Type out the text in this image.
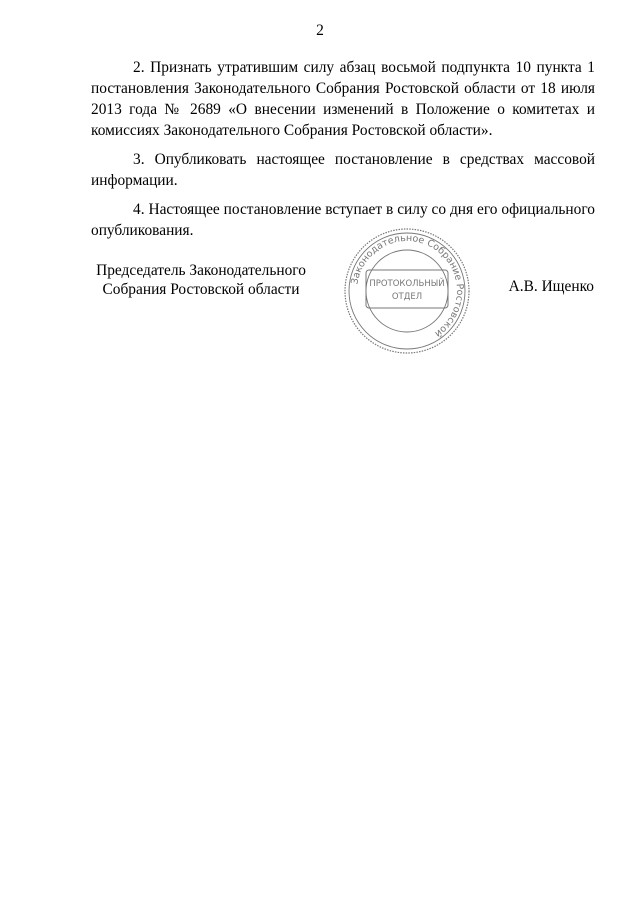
2

2. Признать утратившим силу абзац восьмой подпункта 10 пункта 1 постановления Законодательного Собрания Ростовской области от 18 июля 2013 года № 2689 «О внесении изменений в Положение о комитетах и комиссиях Законодательного Собрания Ростовской области».

3. Опубликовать настоящее постановление в средствах массовой информации.

4. Настоящее постановление вступает в силу со дня его официального опубликования.

Председатель Законодательного
Собрания Ростовской области	А.В. Ищенко
Законодательное Собрание Ростовской
ПРОТОКОЛЬНЫЙ
ОТДЕЛ
